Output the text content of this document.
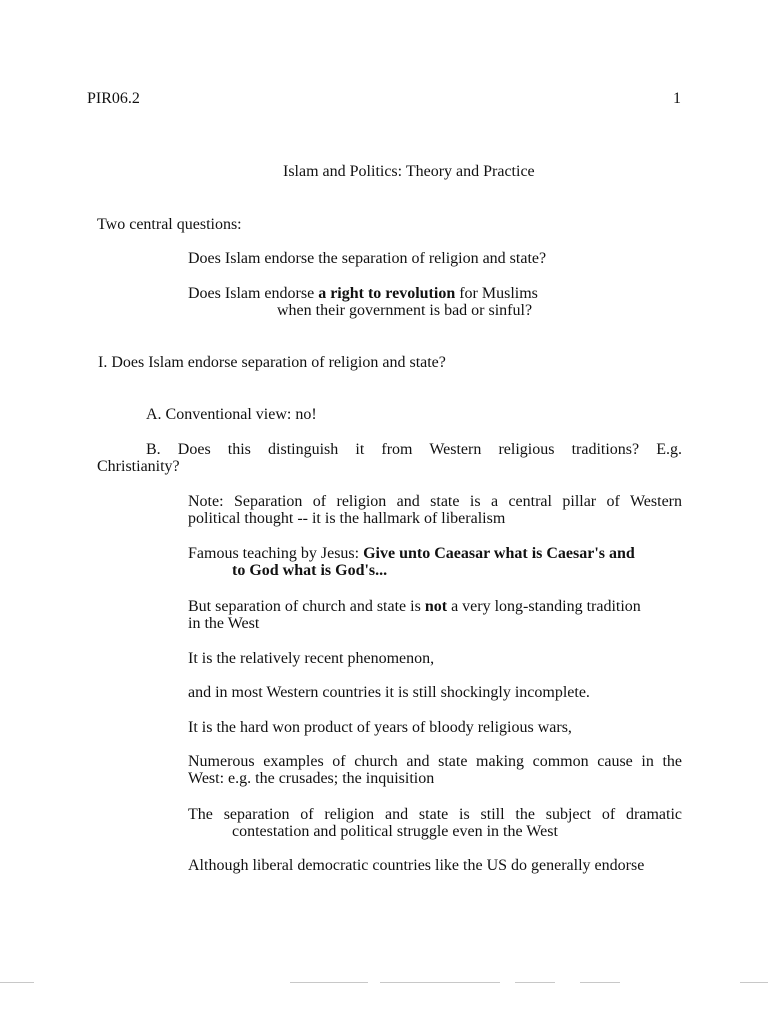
PIR06.2	1
Islam and Politics: Theory and Practice
Two central questions:
Does Islam endorse the separation of religion and state?
Does Islam endorse a right to revolution for Muslims
when their government is bad or sinful?
I. Does Islam endorse separation of religion and state?
A. Conventional view: no!
B. Does this distinguish it from Western religious traditions? E.g.
Christianity?
Note: Separation of religion and state is a central pillar of Western
political thought -- it is the hallmark of liberalism
Famous teaching by Jesus: Give unto Caeasar what is Caesar's and
to God what is God's...
But separation of church and state is not a very long-standing tradition
in the West
It is the relatively recent phenomenon,
and in most Western countries it is still shockingly incomplete.
It is the hard won product of years of bloody religious wars,
Numerous examples of church and state making common cause in the
West: e.g. the crusades; the inquisition
The separation of religion and state is still the subject of dramatic
contestation and political struggle even in the West
Although liberal democratic countries like the US do generally endorse
